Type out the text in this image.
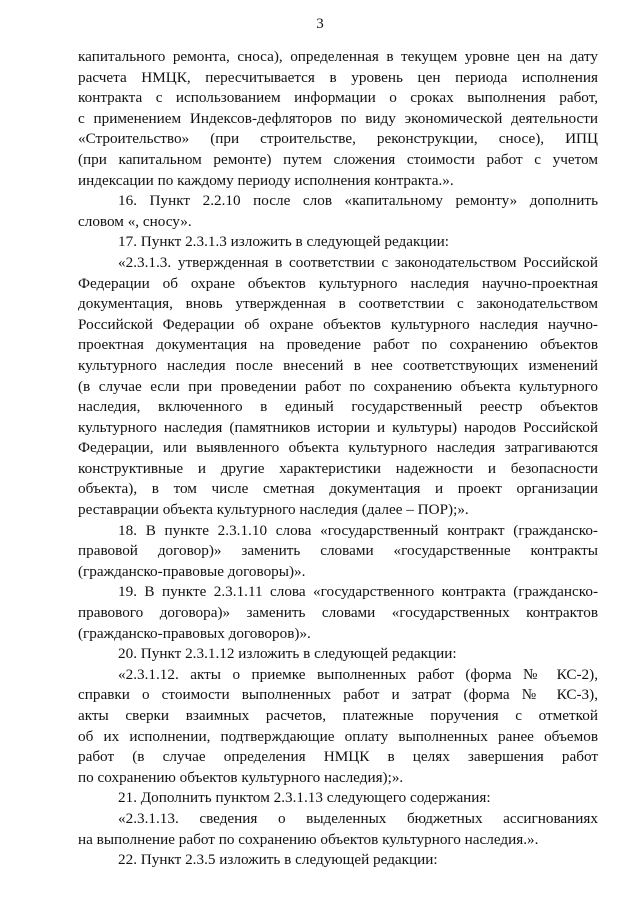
3
капитального ремонта, сноса), определенная в текущем уровне цен на дату
расчета НМЦК, пересчитывается в уровень цен периода исполнения
контракта с использованием информации о сроках выполнения работ,
с применением Индексов-дефляторов по виду экономической деятельности
«Строительство» (при строительстве, реконструкции, сносе), ИПЦ
(при капитальном ремонте) путем сложения стоимости работ с учетом
индексации по каждому периоду исполнения контракта.».
16. Пункт 2.2.10 после слов «капитальному ремонту» дополнить
словом «, сносу».
17. Пункт 2.3.1.3 изложить в следующей редакции:
«2.3.1.3. утвержденная в соответствии с законодательством Российской
Федерации об охране объектов культурного наследия научно-проектная
документация, вновь утвержденная в соответствии с законодательством
Российской Федерации об охране объектов культурного наследия научно-
проектная документация на проведение работ по сохранению объектов
культурного наследия после внесений в нее соответствующих изменений
(в случае если при проведении работ по сохранению объекта культурного
наследия, включенного в единый государственный реестр объектов
культурного наследия (памятников истории и культуры) народов Российской
Федерации, или выявленного объекта культурного наследия затрагиваются
конструктивные и другие характеристики надежности и безопасности
объекта), в том числе сметная документация и проект организации
реставрации объекта культурного наследия (далее – ПОР);».
18. В пункте 2.3.1.10 слова «государственный контракт (гражданско-
правовой договор)» заменить словами «государственные контракты
(гражданско-правовые договоры)».
19. В пункте 2.3.1.11 слова «государственного контракта (гражданско-
правового договора)» заменить словами «государственных контрактов
(гражданско-правовых договоров)».
20. Пункт 2.3.1.12 изложить в следующей редакции:
«2.3.1.12. акты о приемке выполненных работ (форма № КС-2),
справки о стоимости выполненных работ и затрат (форма № КС-3),
акты сверки взаимных расчетов, платежные поручения с отметкой
об их исполнении, подтверждающие оплату выполненных ранее объемов
работ (в случае определения НМЦК в целях завершения работ
по сохранению объектов культурного наследия);».
21. Дополнить пунктом 2.3.1.13 следующего содержания:
«2.3.1.13. сведения о выделенных бюджетных ассигнованиях
на выполнение работ по сохранению объектов культурного наследия.».
22. Пункт 2.3.5 изложить в следующей редакции:
